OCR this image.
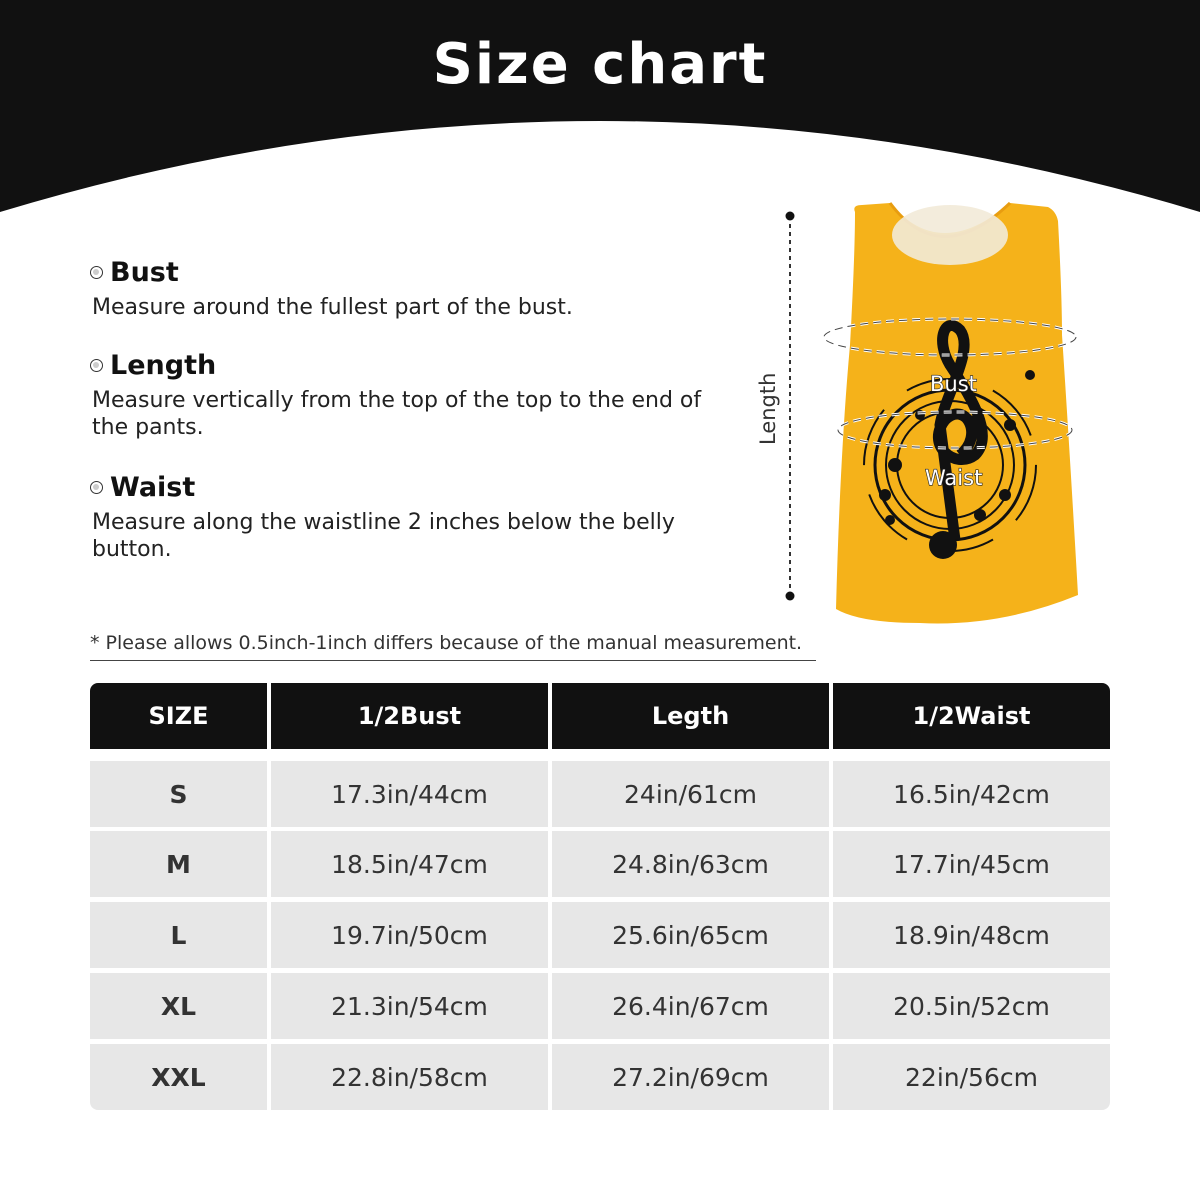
Size chart
Bust
Measure around the fullest part of the bust.
Length
Measure vertically from the top of the top to the end of the pants.
Waist
Measure along the waistline 2 inches below the belly button.
* Please allows 0.5inch-1inch differs because of the manual measurement.
Length	Bust
Waist
SIZE	1/2Bust	Legth	1/2Waist
S	17.3in/44cm	24in/61cm	16.5in/42cm
M	18.5in/47cm	24.8in/63cm	17.7in/45cm
L	19.7in/50cm	25.6in/65cm	18.9in/48cm
XL	21.3in/54cm	26.4in/67cm	20.5in/52cm
XXL	22.8in/58cm	27.2in/69cm	22in/56cm
